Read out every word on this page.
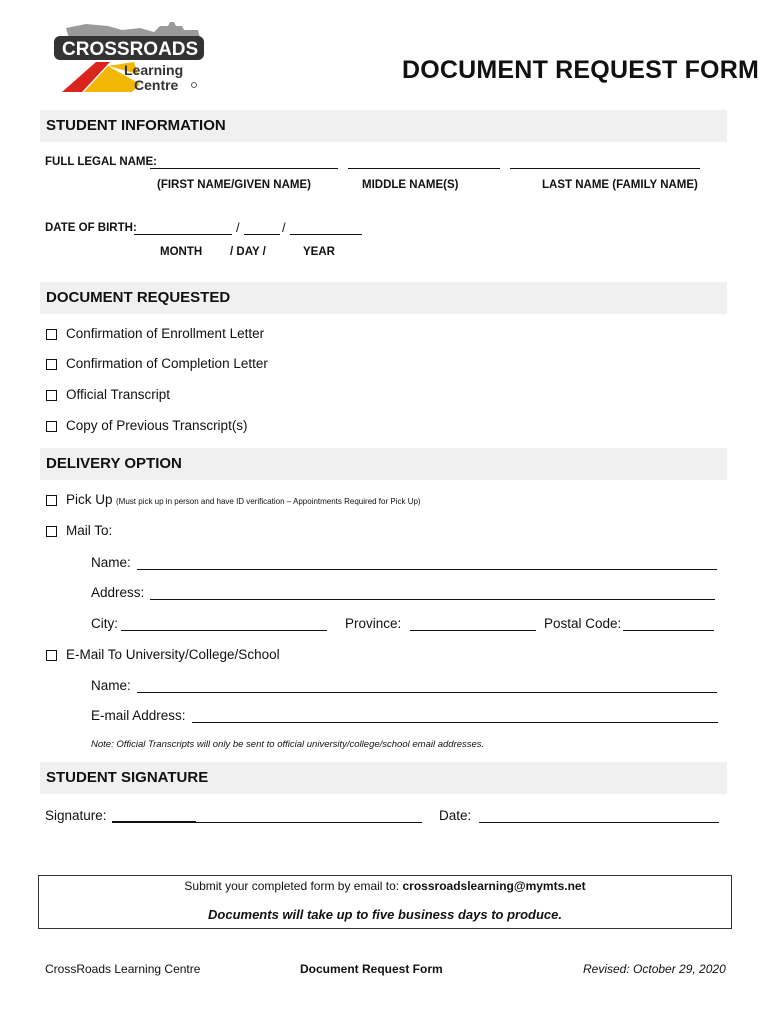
CROSSROADS
Learning
Centre
DOCUMENT REQUEST FORM
STUDENT INFORMATION
FULL LEGAL NAME:
(FIRST NAME/GIVEN NAME)	MIDDLE NAME(S)	LAST NAME (FAMILY NAME)
DATE OF BIRTH:	/	/
MONTH / DAY /	YEAR
DOCUMENT REQUESTED
Confirmation of Enrollment Letter
Confirmation of Completion Letter
Official Transcript
Copy of Previous Transcript(s)
DELIVERY OPTION
Pick Up (Must pick up in person and have ID verification – Appointments Required for Pick Up)
Mail To:
Name:
Address:
City:	Province:	Postal Code:
E-Mail To University/College/School
Name:
E-mail Address:
Note: Official Transcripts will only be sent to official university/college/school email addresses.
STUDENT SIGNATURE
Signature:	Date:
Submit your completed form by email to: crossroadslearning@mymts.net
Documents will take up to five business days to produce.
CrossRoads Learning Centre	Document Request Form	Revised: October 29, 2020
